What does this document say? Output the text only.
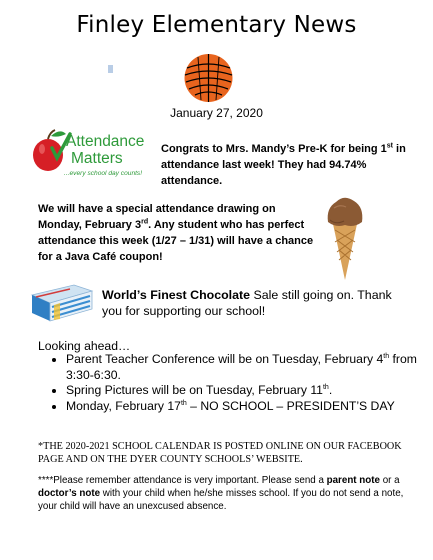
Finley Elementary News
January 27, 2020
Attendance
Matters
...every school day counts!
Congrats to Mrs. Mandy’s Pre-K for being 1st in attendance last week! They had 94.74% attendance.
We will have a special attendance drawing on Monday, February 3rd. Any student who has perfect attendance this week (1/27 – 1/31) will have a chance for a Java Café coupon!
World’s Finest Chocolate Sale still going on. Thank you for supporting our school!
Looking ahead…
• Parent Teacher Conference will be on Tuesday, February 4th from 3:30-6:30.
• Spring Pictures will be on Tuesday, February 11th.
• Monday, February 17th – NO SCHOOL – PRESIDENT’S DAY
*THE 2020-2021 SCHOOL CALENDAR IS POSTED ONLINE ON OUR FACEBOOK PAGE AND ON THE DYER COUNTY SCHOOLS’ WEBSITE.
****Please remember attendance is very important. Please send a parent note or a doctor’s note with your child when he/she misses school. If you do not send a note, your child will have an unexcused absence.
